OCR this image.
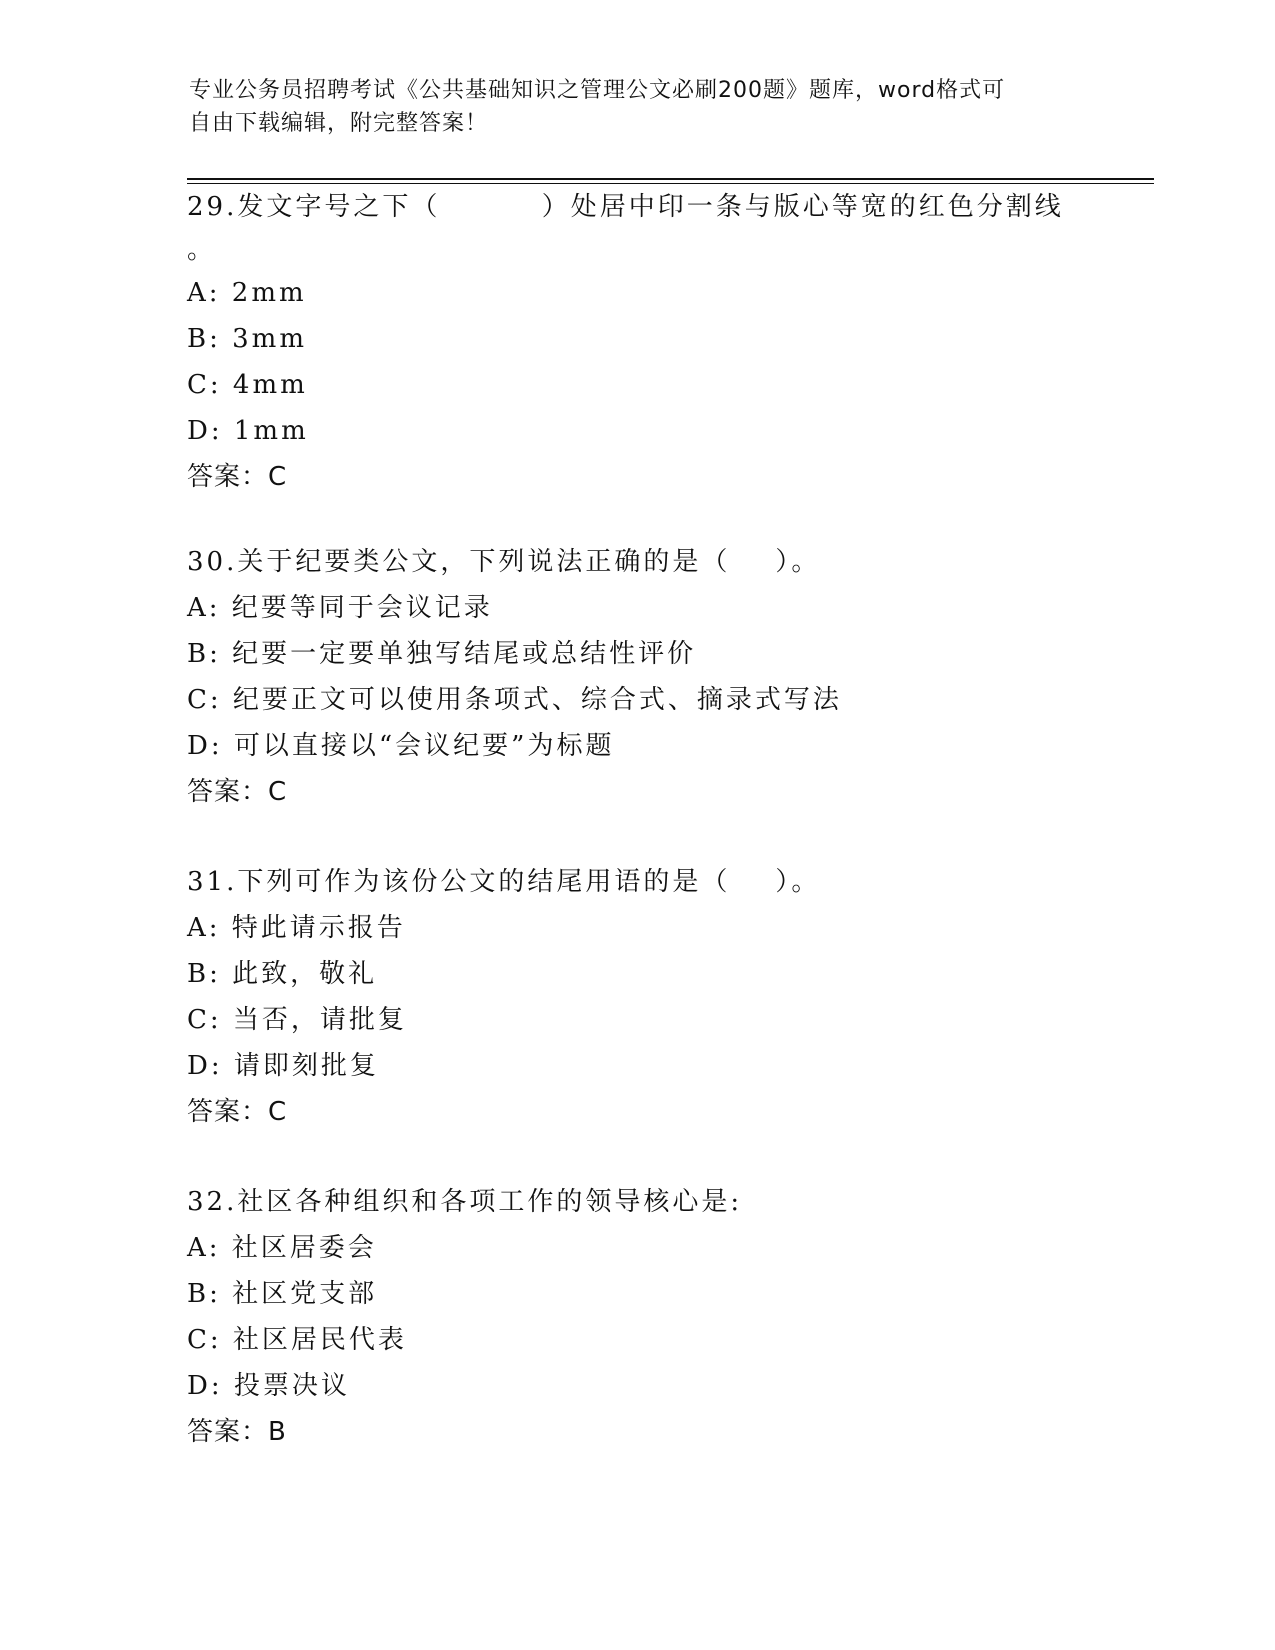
专业公务员招聘考试《公共基础知识之管理公文必刷200题》题库，word格式可
自由下载编辑，附完整答案！
29.发文字号之下（         ）处居中印一条与版心等宽的红色分割线
。
A: 2mm
B: 3mm
C: 4mm
D: 1mm
答案：C
30.关于纪要类公文，下列说法正确的是（    ）。
A: 纪要等同于会议记录
B: 纪要一定要单独写结尾或总结性评价
C: 纪要正文可以使用条项式、综合式、摘录式写法
D: 可以直接以“会议纪要”为标题
答案：C
31.下列可作为该份公文的结尾用语的是（    ）。
A: 特此请示报告
B: 此致，敬礼
C: 当否，请批复
D: 请即刻批复
答案：C
32.社区各种组织和各项工作的领导核心是:
A: 社区居委会
B: 社区党支部
C: 社区居民代表
D: 投票决议
答案：B
